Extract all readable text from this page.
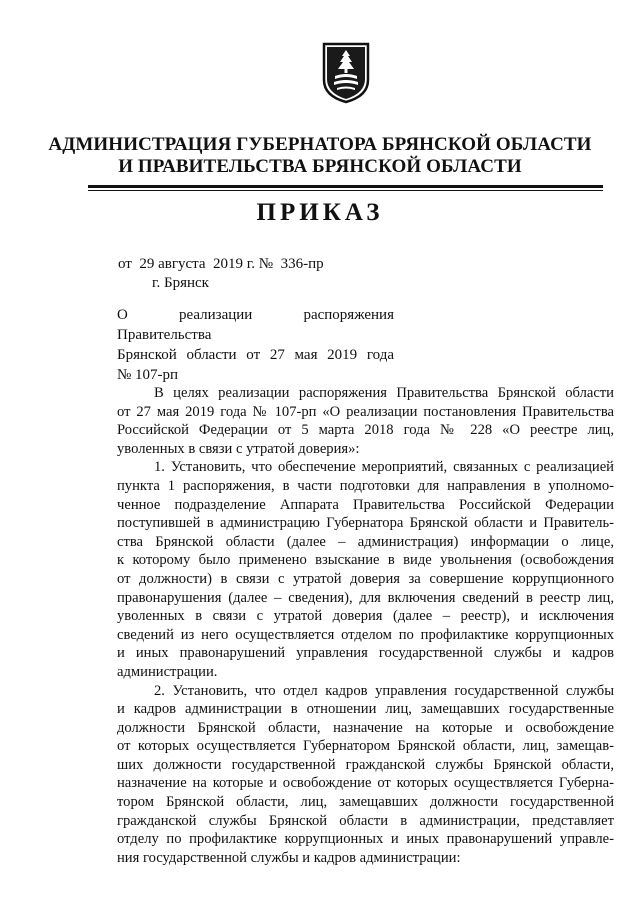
АДМИНИСТРАЦИЯ ГУБЕРНАТОРА БРЯНСКОЙ ОБЛАСТИ
И ПРАВИТЕЛЬСТВА БРЯНСКОЙ ОБЛАСТИ
ПРИКАЗ
от  29 августа  2019 г. №  336-пр
г. Брянск
О реализации распоряжения Правительства
Брянской области от 27 мая 2019 года
№ 107-рп
В целях реализации распоряжения Правительства Брянской области
от 27 мая 2019 года № 107-рп «О реализации постановления Правительства
Российской Федерации от 5 марта 2018 года № 228 «О реестре лиц,
уволенных в связи с утратой доверия»:
1. Установить, что обеспечение мероприятий, связанных с реализацией
пункта 1 распоряжения, в части подготовки для направления в уполномо-
ченное подразделение Аппарата Правительства Российской Федерации
поступившей в администрацию Губернатора Брянской области и Правитель-
ства Брянской области (далее – администрация) информации о лице,
к которому было применено взыскание в виде увольнения (освобождения
от должности) в связи с утратой доверия за совершение коррупционного
правонарушения (далее – сведения), для включения сведений в реестр лиц,
уволенных в связи с утратой доверия (далее – реестр), и исключения
сведений из него осуществляется отделом по профилактике коррупционных
и иных правонарушений управления государственной службы и кадров
администрации.
2. Установить, что отдел кадров управления государственной службы
и кадров администрации в отношении лиц, замещавших государственные
должности Брянской области, назначение на которые и освобождение
от которых осуществляется Губернатором Брянской области, лиц, замещав-
ших должности государственной гражданской службы Брянской области,
назначение на которые и освобождение от которых осуществляется Губерна-
тором Брянской области, лиц, замещавших должности государственной
гражданской службы Брянской области в администрации, представляет
отделу по профилактике коррупционных и иных правонарушений управле-
ния государственной службы и кадров администрации:
